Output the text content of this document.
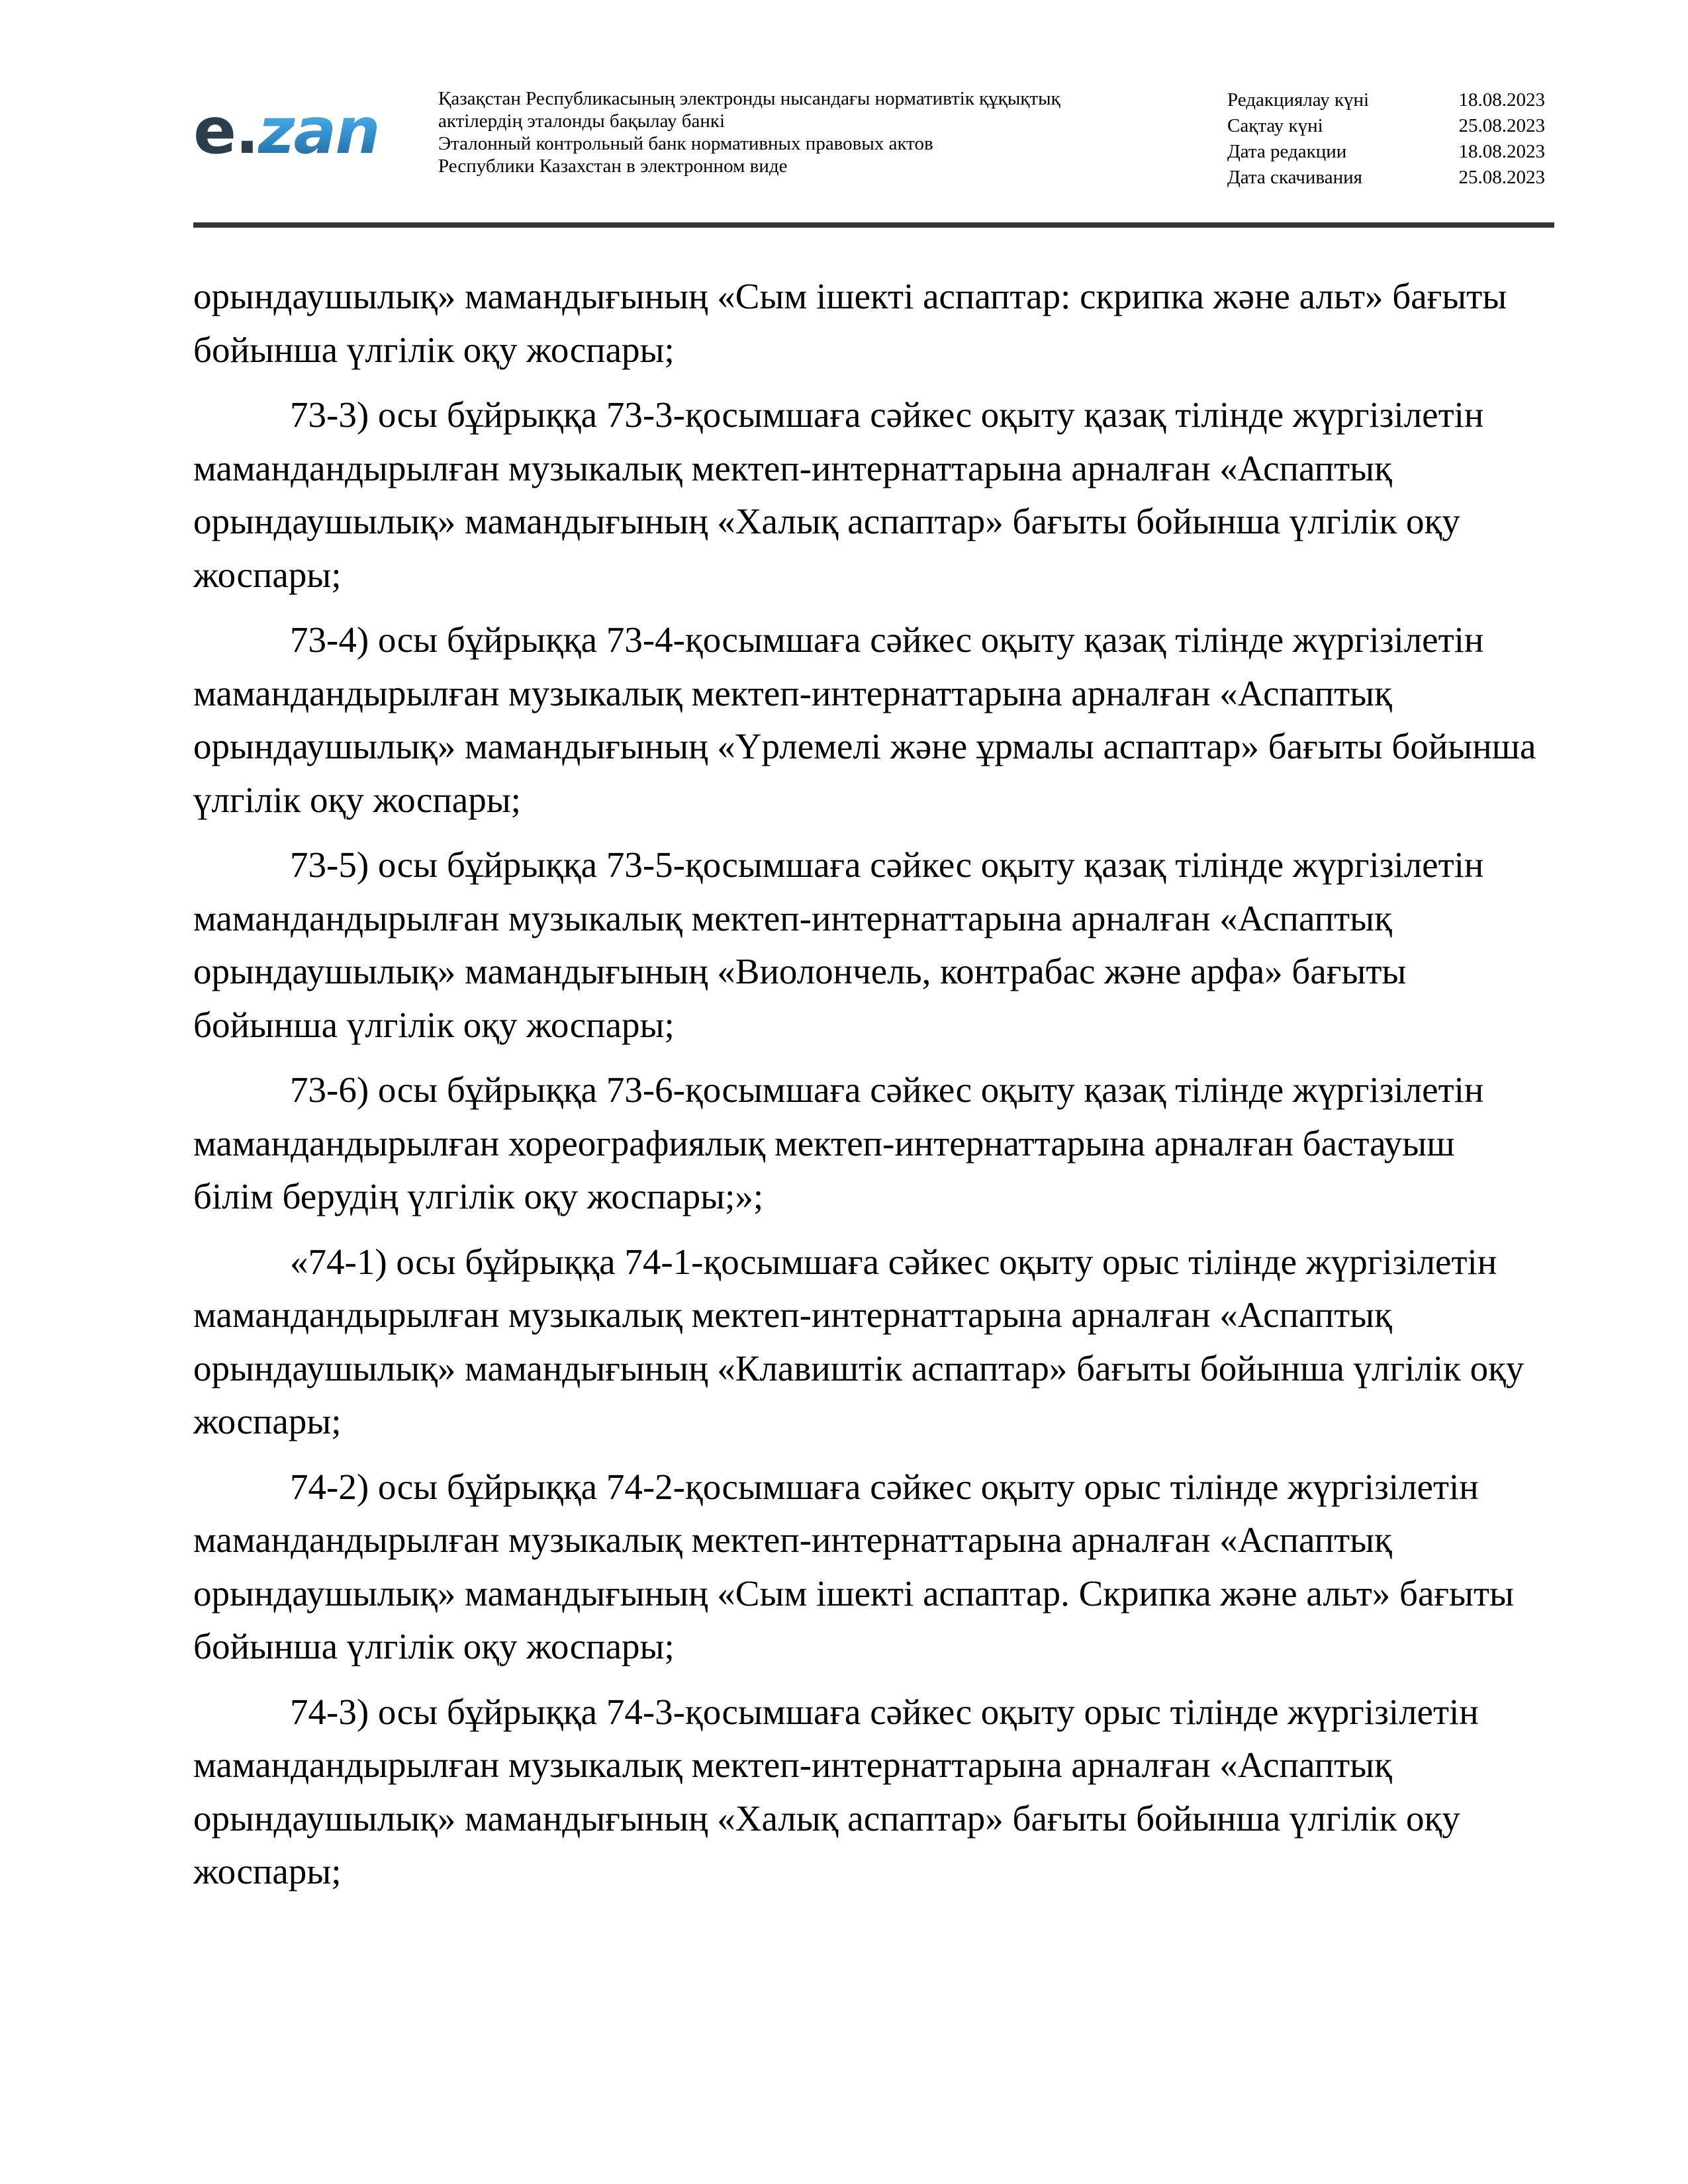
e.zan	Қазақстан Республикасының электронды нысандағы нормативтік құқықтық
актілердің эталонды бақылау банкі
Эталонный контрольный банк нормативных правовых актов
Республики Казахстан в электронном виде
Редакциялау күні	18.08.2023
Сақтау күні	25.08.2023
Дата редакции	18.08.2023
Дата скачивания	25.08.2023

орындаушылық» мамандығының «Сым ішекті аспаптар: скрипка және альт» бағыты бойынша үлгілік оқу жоспары;

73-3) осы бұйрыққа 73-3-қосымшаға сәйкес оқыту қазақ тілінде жүргізілетін мамандандырылған музыкалық мектеп-интернаттарына арналған «Аспаптық орындаушылық» мамандығының «Халық аспаптар» бағыты бойынша үлгілік оқу жоспары;

73-4) осы бұйрыққа 73-4-қосымшаға сәйкес оқыту қазақ тілінде жүргізілетін мамандандырылған музыкалық мектеп-интернаттарына арналған «Аспаптық орындаушылық» мамандығының «Үрлемелі және ұрмалы аспаптар» бағыты бойынша үлгілік оқу жоспары;

73-5) осы бұйрыққа 73-5-қосымшаға сәйкес оқыту қазақ тілінде жүргізілетін мамандандырылған музыкалық мектеп-интернаттарына арналған «Аспаптық орындаушылық» мамандығының «Виолончель, контрабас және арфа» бағыты бойынша үлгілік оқу жоспары;

73-6) осы бұйрыққа 73-6-қосымшаға сәйкес оқыту қазақ тілінде жүргізілетін мамандандырылған хореографиялық мектеп-интернаттарына арналған бастауыш білім берудің үлгілік оқу жоспары;»;

«74-1) осы бұйрыққа 74-1-қосымшаға сәйкес оқыту орыс тілінде жүргізілетін мамандандырылған музыкалық мектеп-интернаттарына арналған «Аспаптық орындаушылық» мамандығының «Клавиштік аспаптар» бағыты бойынша үлгілік оқу жоспары;

74-2) осы бұйрыққа 74-2-қосымшаға сәйкес оқыту орыс тілінде жүргізілетін мамандандырылған музыкалық мектеп-интернаттарына арналған «Аспаптық орындаушылық» мамандығының «Сым ішекті аспаптар. Скрипка және альт» бағыты бойынша үлгілік оқу жоспары;

74-3) осы бұйрыққа 74-3-қосымшаға сәйкес оқыту орыс тілінде жүргізілетін мамандандырылған музыкалық мектеп-интернаттарына арналған «Аспаптық орындаушылық» мамандығының «Халық аспаптар» бағыты бойынша үлгілік оқу жоспары;
